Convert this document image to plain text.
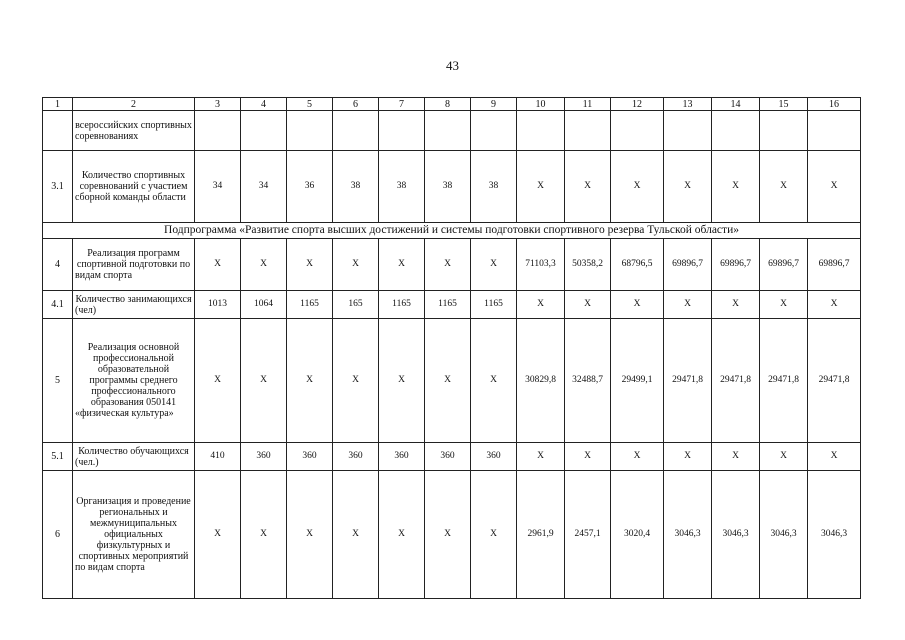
43
1	2	3	4	5	6	7	8	9	10	11	12	13	14	15	16
	всероссийских спортивных соревнованиях														
3.1	Количество спортивных соревнований с участием сборной команды области	34	34	36	38	38	38	38	X	X	X	X	X	X	X
Подпрограмма «Развитие спорта высших достижений и системы подготовки спортивного резерва Тульской области»															
4	Реализация программ спортивной подготовки по видам спорта	X	X	X	X	X	X	X	71103,3	50358,2	68796,5	69896,7	69896,7	69896,7	69896,7
4.1	Количество занимающихся (чел)	1013	1064	1165	165	1165	1165	1165	X	X	X	X	X	X	X
5	Реализация основной профессиональной образовательной программы среднего профессионального образования 050141 «физическая культура»	X	X	X	X	X	X	X	30829,8	32488,7	29499,1	29471,8	29471,8	29471,8	29471,8
5.1	Количество обучающихся (чел.)	410	360	360	360	360	360	360	X	X	X	X	X	X	X
6	Организация и проведение региональных и межмуниципальных официальных физкультурных и спортивных мероприятий по видам спорта	X	X	X	X	X	X	X	2961,9	2457,1	3020,4	3046,3	3046,3	3046,3	3046,3
